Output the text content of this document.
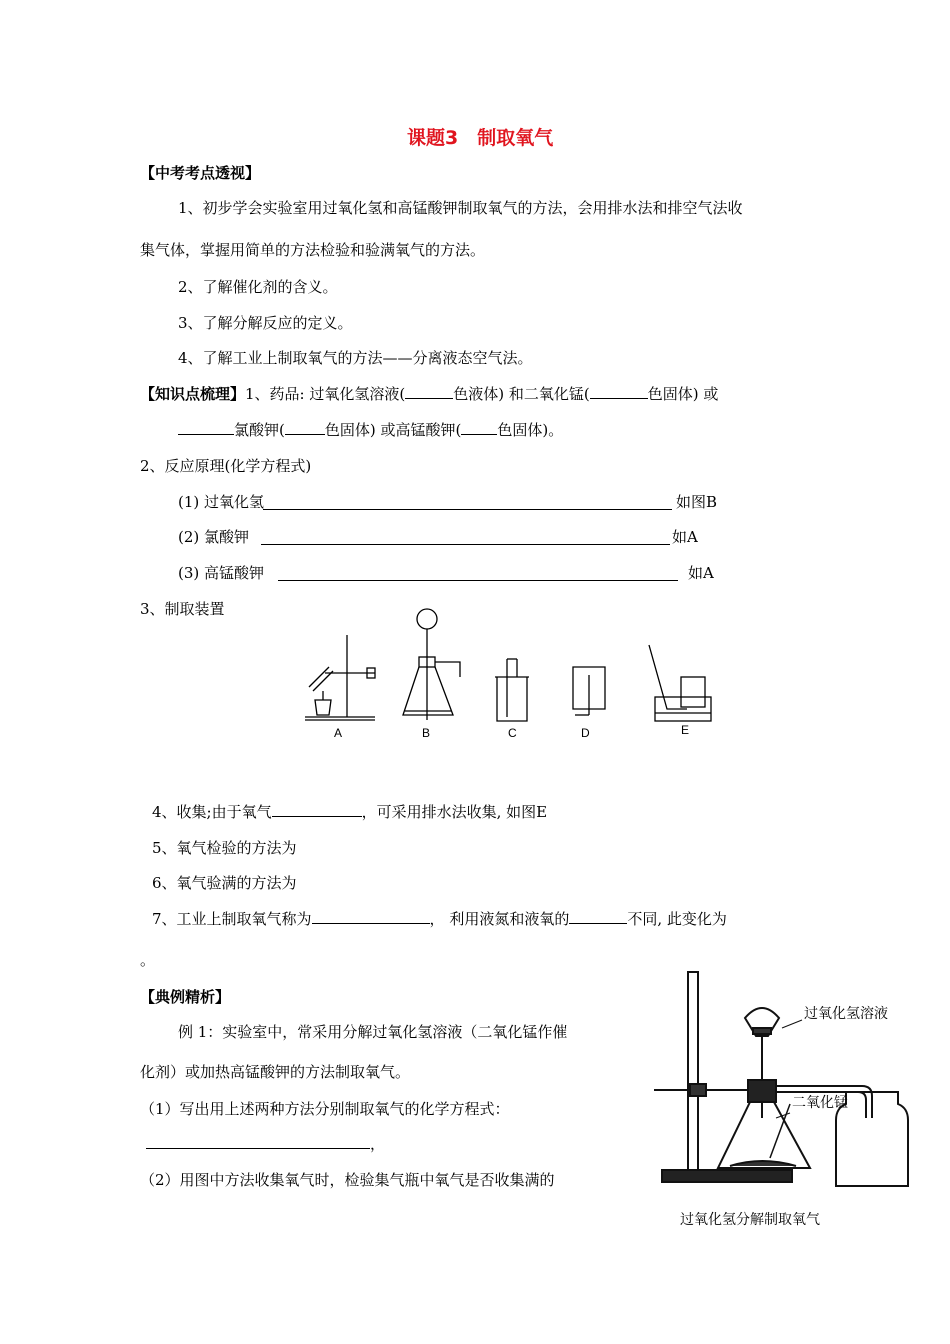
课题3　制取氧气
【中考考点透视】
1、初步学会实验室用过氧化氢和高锰酸钾制取氧气的方法，会用排水法和排空气法收
集气体，掌握用简单的方法检验和验满氧气的方法。
2、了解催化剂的含义。
3、了解分解反应的定义。
4、了解工业上制取氧气的方法——分离液态空气法。
【知识点梳理】1、药品: 过氧化氢溶液(	色液体) 和二氧化锰(	色固体) 或
氯酸钾(	色固体) 或高锰酸钾( 色固体)。
2、反应原理(化学方程式)
(1) 过氧化氢	如图B
(2) 氯酸钾	如A
(3) 高锰酸钾	如A
3、制取装置
A	B	C	D	E
4、收集;由于氧气	，可采用排水法收集, 如图E
5、氧气检验的方法为
6、氧气验满的方法为
7、工业上制取氧气称为	， 利用液氮和液氧的	不同, 此变化为
。
【典例精析】
例 1：实验室中，常采用分解过氧化氢溶液（二氧化锰作催
化剂）或加热高锰酸钾的方法制取氧气。
（1）写出用上述两种方法分别制取氧气的化学方程式：
，
（2）用图中方法收集氧气时，检验集气瓶中氧气是否收集满的
过氧化氢溶液
二氧化锰
过氧化氢分解制取氧气
